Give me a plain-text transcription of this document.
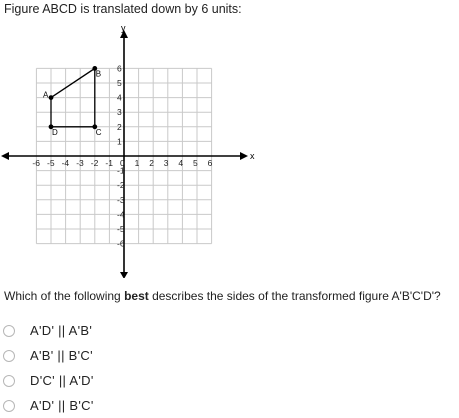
Figure ABCD is translated down by 6 units:
-6 -5 -4 -3 -2 -1 0 1 2 3 4 5 6
6
5
4
3
2
1
-1
-2
-3
-4
-5
-6
A
B
C
D
x
y
Which of the following best describes the sides of the transformed figure A'B'C'D'?
A'D' || A'B'
A'B' || B'C'
D'C' || A'D'
A'D' || B'C'
